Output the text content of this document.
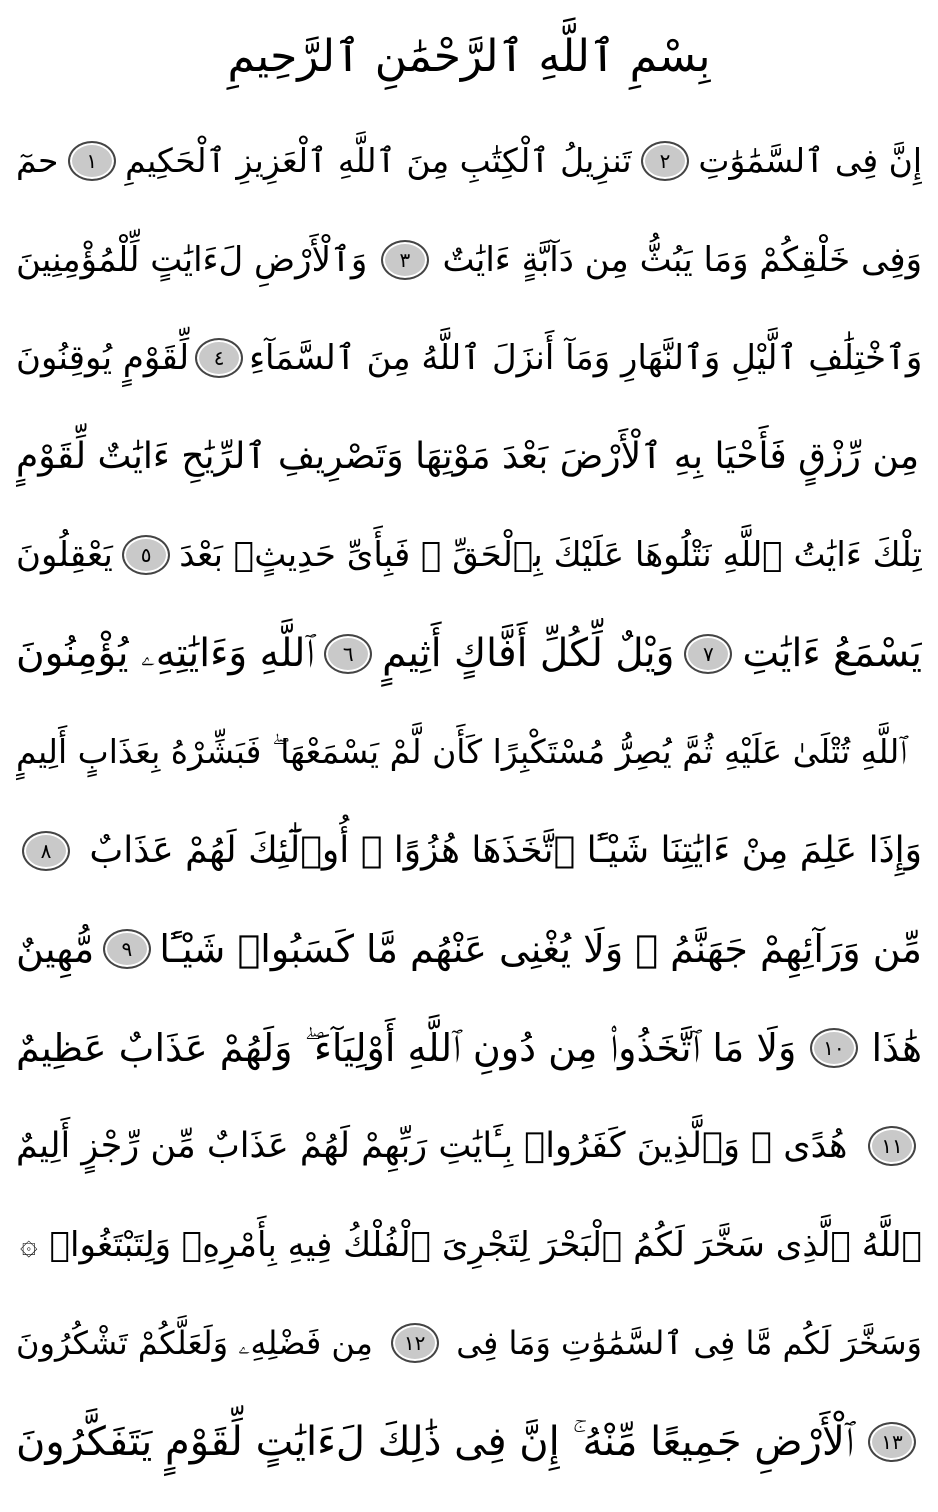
بِسْمِ ٱللَّهِ ٱلرَّحْمَٰنِ ٱلرَّحِيمِ
حمٓ	١ تَنزِيلُ ٱلْكِتَٰبِ مِنَ ٱللَّهِ ٱلْعَزِيزِ ٱلْحَكِيمِ	٢ إِنَّ فِى ٱلسَّمَٰوَٰتِ
وَٱلْأَرْضِ لَءَايَٰتٍ لِّلْمُؤْمِنِينَ	٣ وَفِى خَلْقِكُمْ وَمَا يَبُثُّ مِن دَآبَّةٍ ءَايَٰتٌ
لِّقَوْمٍ يُوقِنُونَ	٤ وَٱخْتِلَٰفِ ٱلَّيْلِ وَٱلنَّهَارِ وَمَآ أَنزَلَ ٱللَّهُ مِنَ ٱلسَّمَآءِ
مِن رِّزْقٍ فَأَحْيَا بِهِ ٱلْأَرْضَ بَعْدَ مَوْتِهَا وَتَصْرِيفِ ٱلرِّيَٰحِ ءَايَٰتٌ لِّقَوْمٍ
يَعْقِلُونَ	٥ تِلْكَ ءَايَٰتُ ٱللَّهِ نَتْلُوهَا عَلَيْكَ بِٱلْحَقِّ ۖ فَبِأَىِّ حَدِيثٍۭ بَعْدَ
ٱللَّهِ وَءَايَٰتِهِۦ يُؤْمِنُونَ	٦ وَيْلٌ لِّكُلِّ أَفَّاكٍ أَثِيمٍ	٧ يَسْمَعُ ءَايَٰتِ
ٱللَّهِ تُتْلَىٰ عَلَيْهِ ثُمَّ يُصِرُّ مُسْتَكْبِرًا كَأَن لَّمْ يَسْمَعْهَا ۖ فَبَشِّرْهُ بِعَذَابٍ أَلِيمٍ
٨	وَإِذَا عَلِمَ مِنْ ءَايَٰتِنَا شَيْـًٔا ٱتَّخَذَهَا هُزُوًا ۚ أُو۟لَٰٓئِكَ لَهُمْ عَذَابٌ
مُّهِينٌ	٩ مِّن وَرَآئِهِمْ جَهَنَّمُ ۖ وَلَا يُغْنِى عَنْهُم مَّا كَسَبُوا۟ شَيْـًٔا
وَلَا مَا ٱتَّخَذُوا۟ مِن دُونِ ٱللَّهِ أَوْلِيَآءَ ۖ وَلَهُمْ عَذَابٌ عَظِيمٌ	١٠ هَٰذَا
هُدًى ۖ وَٱلَّذِينَ كَفَرُوا۟ بِـَٔايَٰتِ رَبِّهِمْ لَهُمْ عَذَابٌ مِّن رِّجْزٍ أَلِيمٌ	١١
۞ ٱللَّهُ ٱلَّذِى سَخَّرَ لَكُمُ ٱلْبَحْرَ لِتَجْرِىَ ٱلْفُلْكُ فِيهِ بِأَمْرِهِۦ وَلِتَبْتَغُوا۟
مِن فَضْلِهِۦ وَلَعَلَّكُمْ تَشْكُرُونَ	١٢ وَسَخَّرَ لَكُم مَّا فِى ٱلسَّمَٰوَٰتِ وَمَا فِى
ٱلْأَرْضِ جَمِيعًا مِّنْهُ ۚ إِنَّ فِى ذَٰلِكَ لَءَايَٰتٍ لِّقَوْمٍ يَتَفَكَّرُونَ	١٣
